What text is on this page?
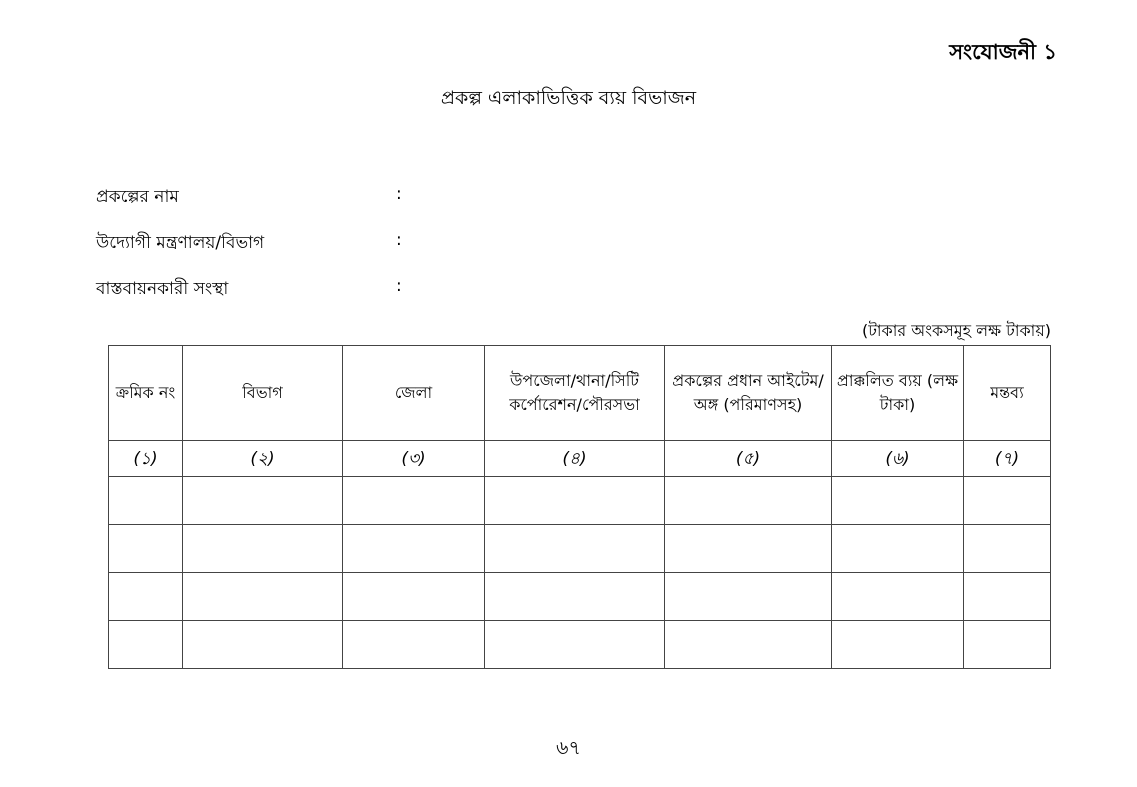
সংযোজনী ১
প্রকল্প এলাকাভিত্তিক ব্যয় বিভাজন
প্রকল্পের নাম	:
উদ্যোগী মন্ত্রণালয়/বিভাগ	:
বাস্তবায়নকারী সংস্থা	:
(টাকার অংকসমূহ লক্ষ টাকায়)
ক্রমিক নং	বিভাগ	জেলা	উপজেলা/থানা/সিটি কর্পোরেশন/পৌরসভা	প্রকল্পের প্রধান আইটেম/অঙ্গ (পরিমাণসহ)	প্রাক্কলিত ব্যয় (লক্ষ টাকা)	মন্তব্য
(১)	(২)	(৩)	(৪)	(৫)	(৬)	(৭)

৬৭
